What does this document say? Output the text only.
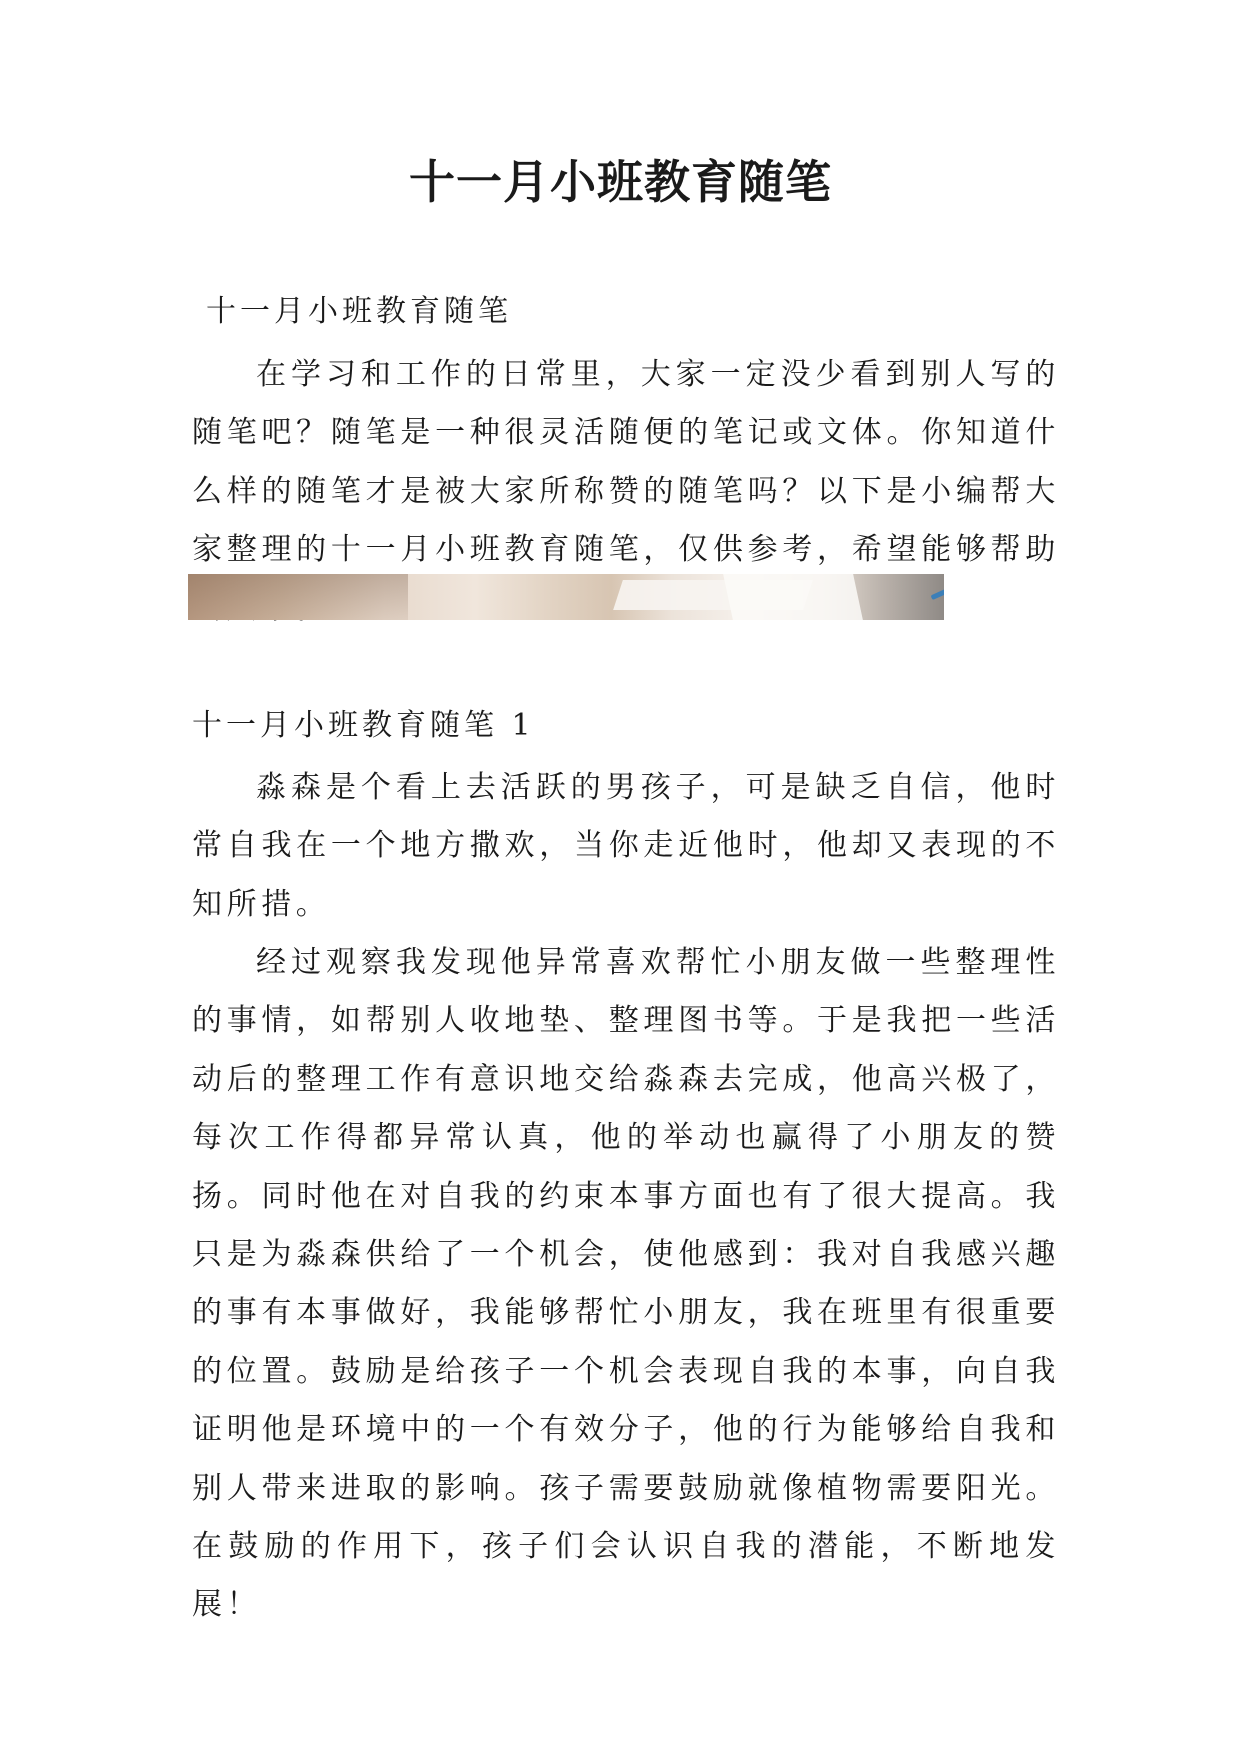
十一月小班教育随笔

十一月小班教育随笔

在学习和工作的日常里，大家一定没少看到别人写的随笔吧？随笔是一种很灵活随便的笔记或文体。你知道什么样的随笔才是被大家所称赞的随笔吗？以下是小编帮大家整理的十一月小班教育随笔，仅供参考，希望能够帮助

十一月小班教育随笔 1

淼森是个看上去活跃的男孩子，可是缺乏自信，他时常自我在一个地方撒欢，当你走近他时，他却又表现的不知所措。

经过观察我发现他异常喜欢帮忙小朋友做一些整理性的事情，如帮别人收地垫、整理图书等。于是我把一些活动后的整理工作有意识地交给淼森去完成，他高兴极了，每次工作得都异常认真，他的举动也赢得了小朋友的赞扬。同时他在对自我的约束本事方面也有了很大提高。我只是为淼森供给了一个机会，使他感到：我对自我感兴趣的事有本事做好，我能够帮忙小朋友，我在班里有很重要的位置。鼓励是给孩子一个机会表现自我的本事，向自我证明他是环境中的一个有效分子，他的行为能够给自我和别人带来进取的影响。孩子需要鼓励就像植物需要阳光。在鼓励的作用下，孩子们会认识自我的潜能，不断地发展！
